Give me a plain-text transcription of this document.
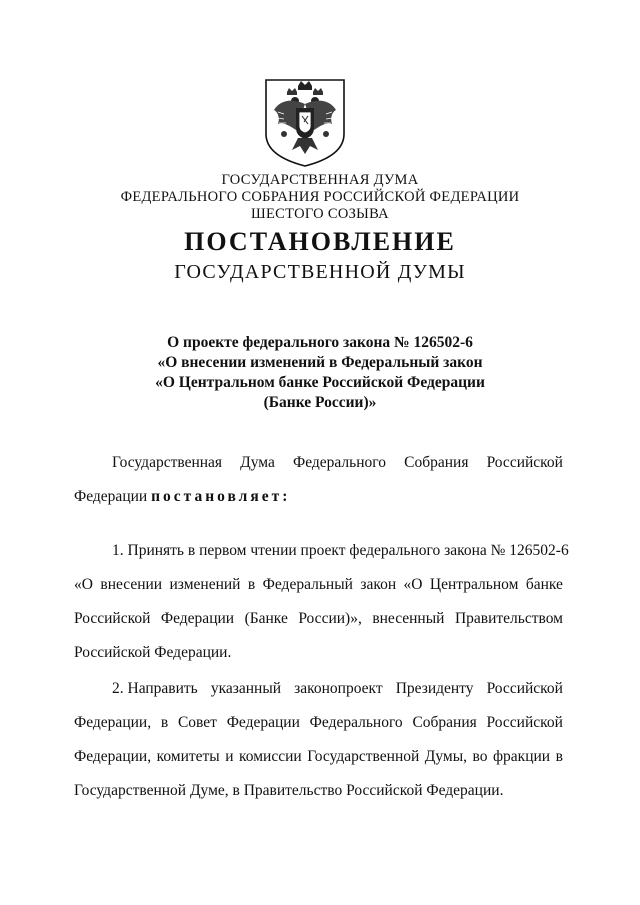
ГОСУДАРСТВЕННАЯ ДУМА
ФЕДЕРАЛЬНОГО СОБРАНИЯ РОССИЙСКОЙ ФЕДЕРАЦИИ
ШЕСТОГО СОЗЫВА
ПОСТАНОВЛЕНИЕ
ГОСУДАРСТВЕННОЙ ДУМЫ
О проекте федерального закона № 126502-6
«О внесении изменений в Федеральный закон
«О Центральном банке Российской Федерации
(Банке России)»
Государственная Дума Федерального Собрания Российской
Федерации постановляет:
1. Принять в первом чтении проект федерального закона № 126502-6
«О внесении изменений в Федеральный закон «О Центральном банке
Российской Федерации (Банке России)», внесенный Правительством
Российской Федерации.
2. Направить указанный законопроект Президенту Российской
Федерации, в Совет Федерации Федерального Собрания Российской
Федерации, комитеты и комиссии Государственной Думы, во фракции в
Государственной Думе, в Правительство Российской Федерации.
